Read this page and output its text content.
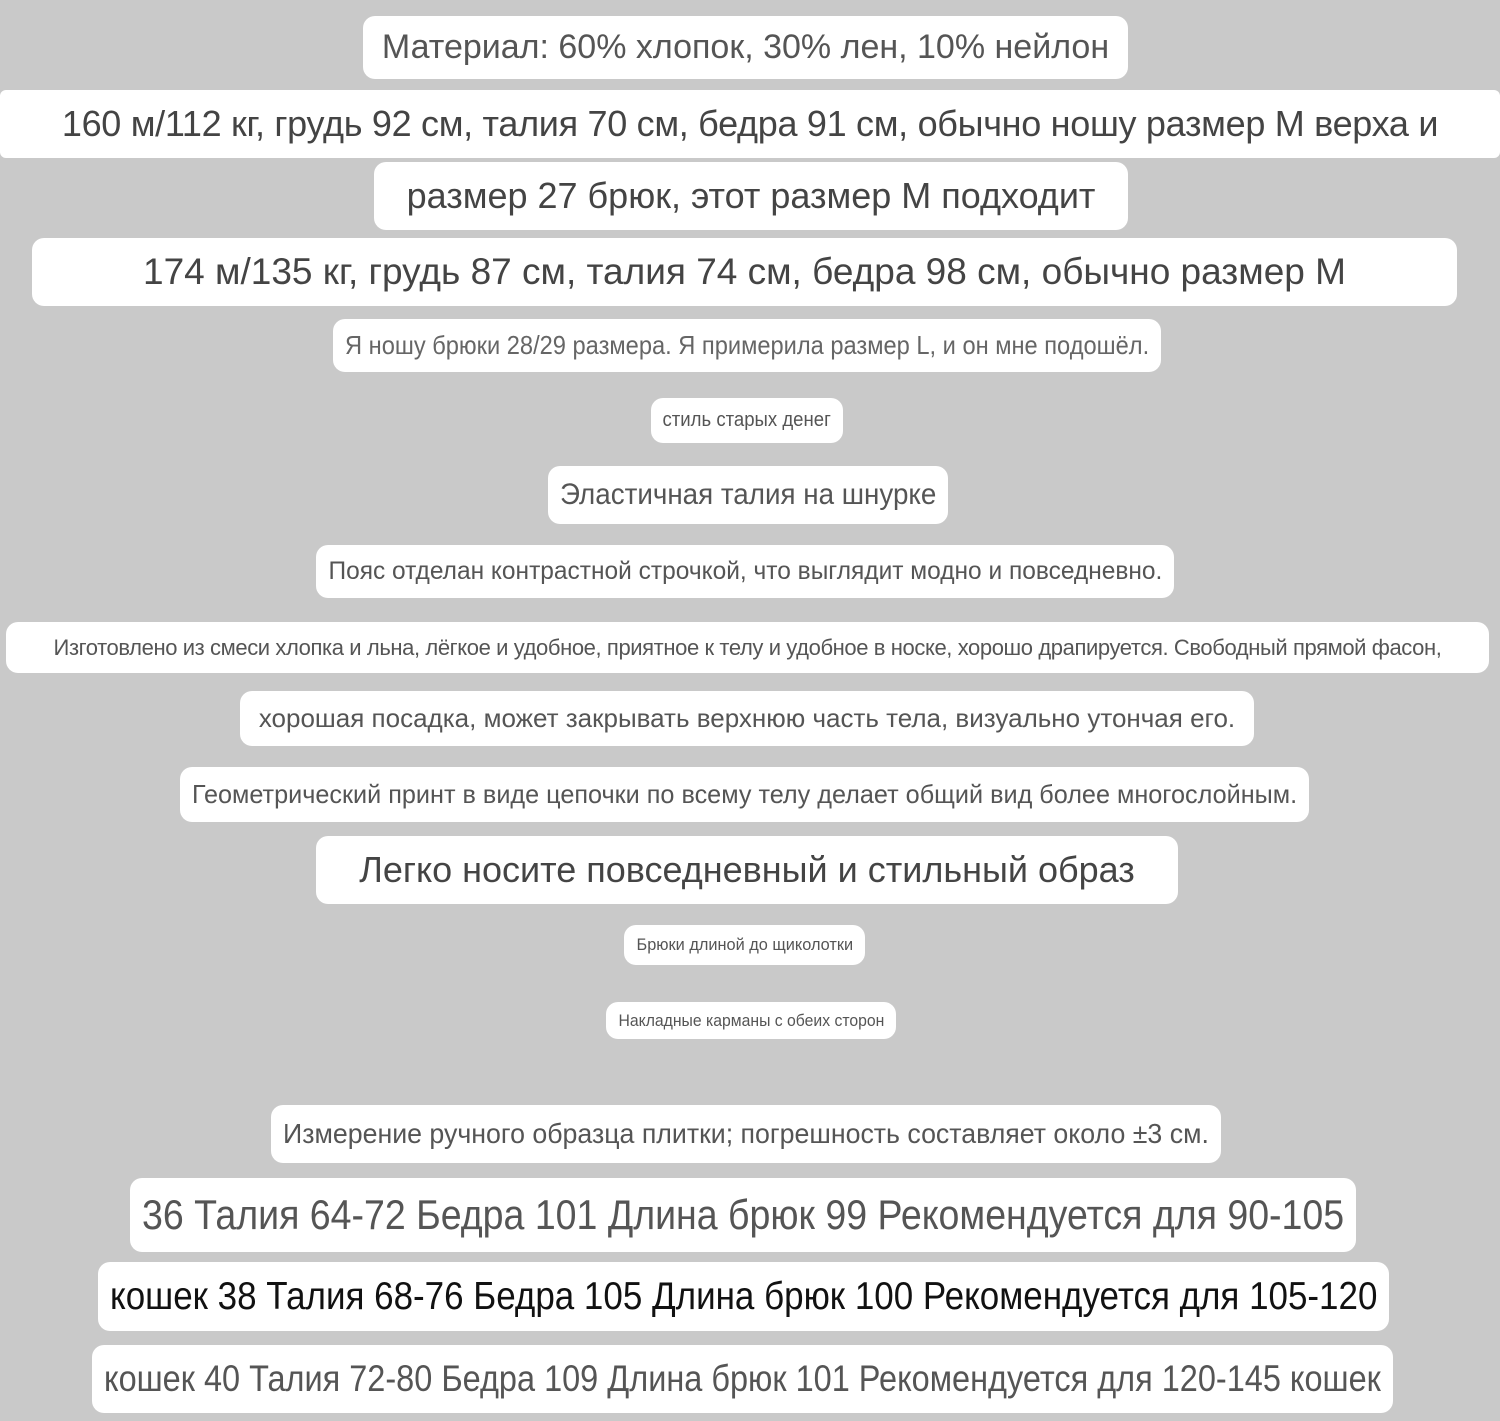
Материал: 60% хлопок, 30% лен, 10% нейлон
160 м/112 кг, грудь 92 см, талия 70 см, бедра 91 см, обычно ношу размер M верха и
размер 27 брюк, этот размер M подходит
174 м/135 кг, грудь 87 см, талия 74 см, бедра 98 см, обычно размер M
Я ношу брюки 28/29 размера. Я примерила размер L, и он мне подошёл.
стиль старых денег
Эластичная талия на шнурке
Пояс отделан контрастной строчкой, что выглядит модно и повседневно.
Изготовлено из смеси хлопка и льна, лёгкое и удобное, приятное к телу и удобное в носке, хорошо драпируется. Свободный прямой фасон,
хорошая посадка, может закрывать верхнюю часть тела, визуально утончая его.
Геометрический принт в виде цепочки по всему телу делает общий вид более многослойным.
Легко носите повседневный и стильный образ
Брюки длиной до щиколотки
Накладные карманы с обеих сторон
Измерение ручного образца плитки; погрешность составляет около ±3 см.
36 Талия 64-72 Бедра 101 Длина брюк 99 Рекомендуется для 90-105
кошек 38 Талия 68-76 Бедра 105 Длина брюк 100 Рекомендуется для 105-120
кошек 40 Талия 72-80 Бедра 109 Длина брюк 101 Рекомендуется для 120-145 кошек
